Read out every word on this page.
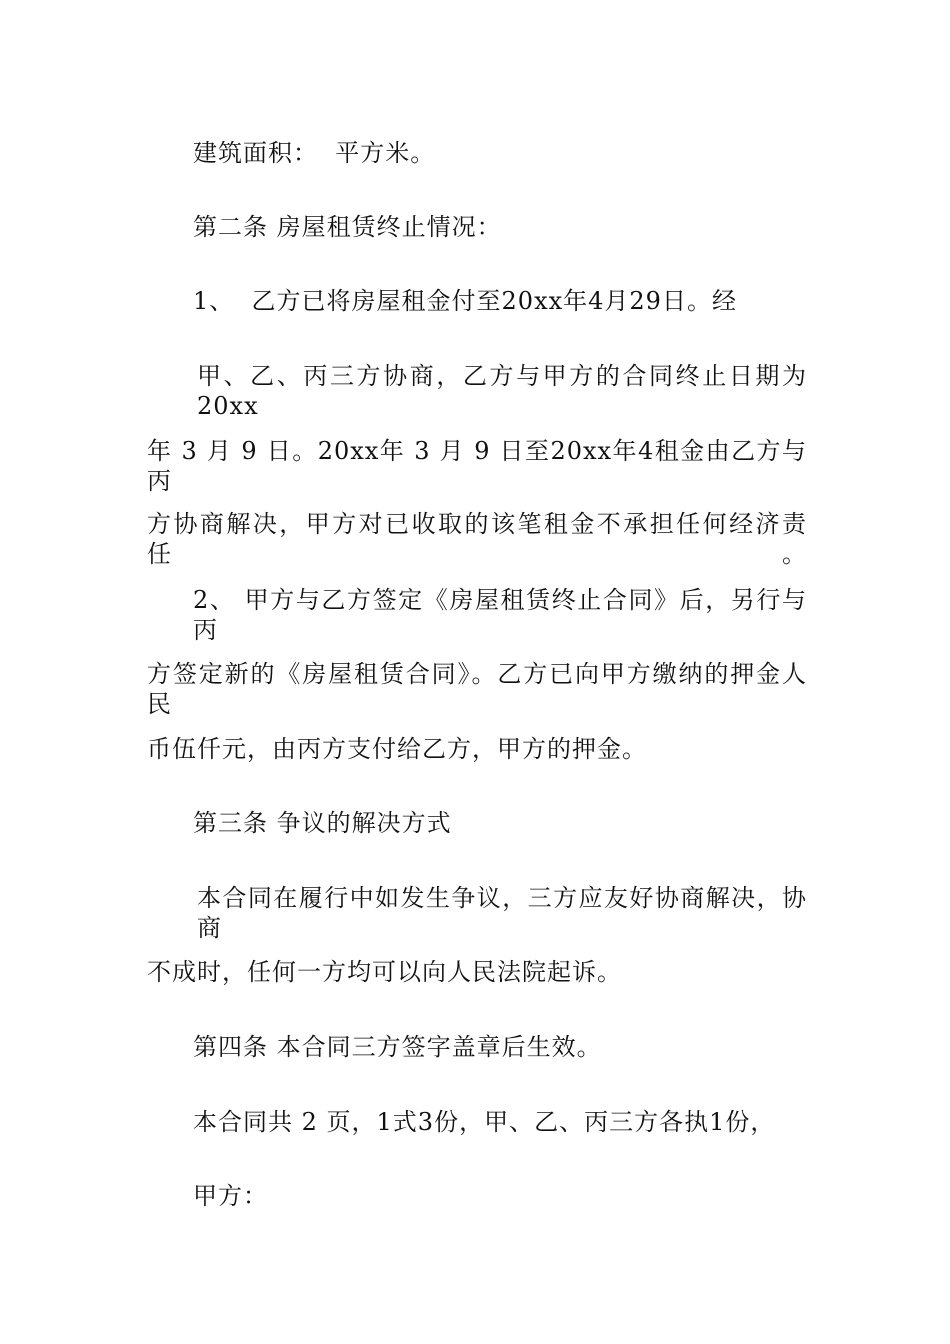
建筑面积：  平方米。
第二条 房屋租赁终止情况：
1、  乙方已将房屋租金付至20xx年4月29日。经
甲、乙、丙三方协商，乙方与甲方的合同终止日期为20xx
年 3 月 9 日。20xx年 3 月 9 日至20xx年4租金由乙方与丙
方协商解决，甲方对已收取的该笔租金不承担任何经济责任。
2、 甲方与乙方签定《房屋租赁终止合同》后，另行与丙
方签定新的《房屋租赁合同》。乙方已向甲方缴纳的押金人民
币伍仟元，由丙方支付给乙方，甲方的押金。
第三条 争议的解决方式
本合同在履行中如发生争议，三方应友好协商解决，协商
不成时，任何一方均可以向人民法院起诉。
第四条 本合同三方签字盖章后生效。
本合同共 2 页，1式3份，甲、乙、丙三方各执1份，
甲方：
